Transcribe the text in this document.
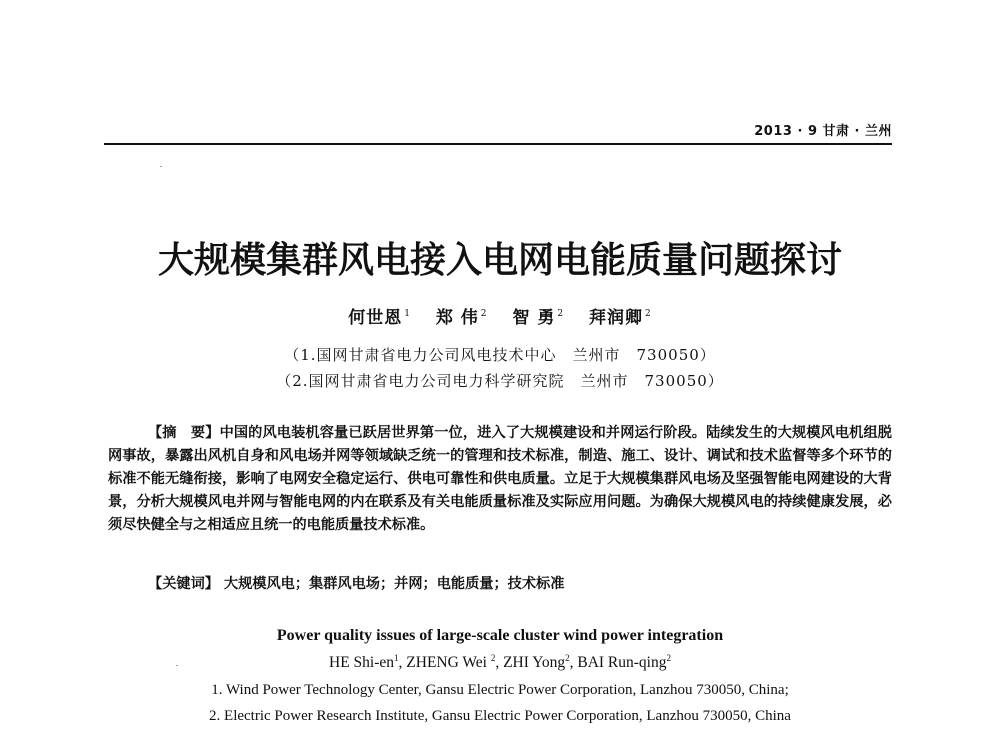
2013 · 9 甘肃 · 兰州
大规模集群风电接入电网电能质量问题探讨
何世恩 $^1$ 郑 伟 $^2$ 智 勇 $^2$ 拜润卿 $^2$
（1.国网甘肃省电力公司风电技术中心　兰州市　730050）
（2.国网甘肃省电力公司电力科学研究院　兰州市　730050）

【摘　要】中国的风电装机容量已跃居世界第一位，进入了大规模建设和并网运行阶段。陆续发生的大规模风电机组脱网事故，暴露出风机自身和风电场并网等领域缺乏统一的管理和技术标准，制造、施工、设计、调试和技术监督等多个环节的标准不能无缝衔接，影响了电网安全稳定运行、供电可靠性和供电质量。立足于大规模集群风电场及坚强智能电网建设的大背景，分析大规模风电并网与智能电网的内在联系及有关电能质量标准及实际应用问题。为确保大规模风电的持续健康发展，必须尽快健全与之相适应且统一的电能质量技术标准。

【关键词】 大规模风电；集群风电场；并网；电能质量；技术标准
Power quality issues of large-scale cluster wind power integration
HE Shi-$en^1$, ZHENG Wei $^2$, ZHI Yong$^2$, BAI Run-qing$^2$
1. Wind Power Technology Center, Gansu Electric Power Corporation, Lanzhou 730050, China;
2. Electric Power Research Institute, Gansu Electric Power Corporation, Lanzhou 730050, China
